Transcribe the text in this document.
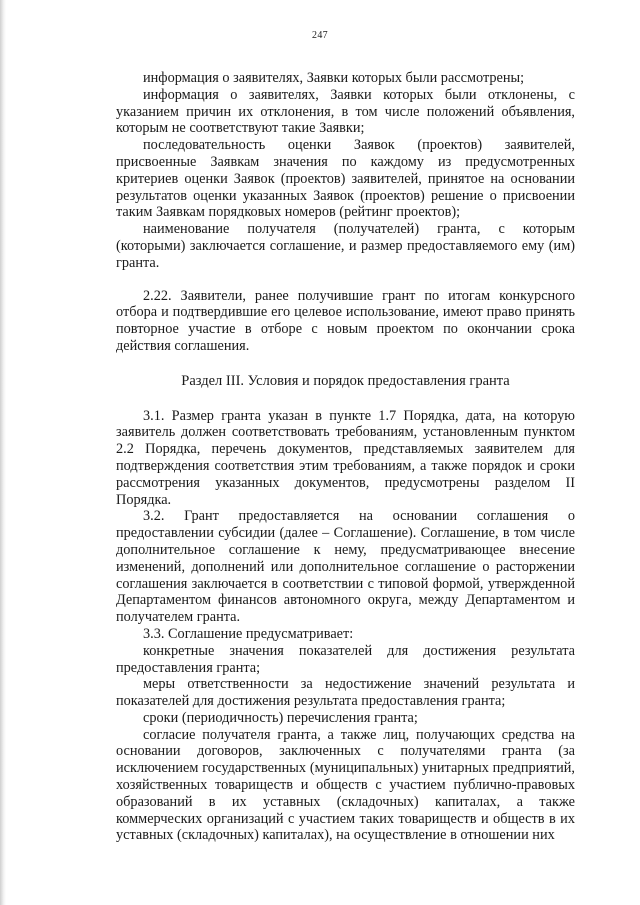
247

информация о заявителях, Заявки которых были рассмотрены;

информация о заявителях, Заявки которых были отклонены, с указанием причин их отклонения, в том числе положений объявления, которым не соответствуют такие Заявки;

последовательность оценки Заявок (проектов) заявителей, присвоенные Заявкам значения по каждому из предусмотренных критериев оценки Заявок (проектов) заявителей, принятое на основании результатов оценки указанных Заявок (проектов) решение о присвоении таким Заявкам порядковых номеров (рейтинг проектов);

наименование получателя (получателей) гранта, с которым (которыми) заключается соглашение, и размер предоставляемого ему (им) гранта.

2.22. Заявители, ранее получившие грант по итогам конкурсного отбора и подтвердившие его целевое использование, имеют право принять повторное участие в отборе с новым проектом по окончании срока действия соглашения.

Раздел III. Условия и порядок предоставления гранта

3.1. Размер гранта указан в пункте 1.7 Порядка, дата, на которую заявитель должен соответствовать требованиям, установленным пунктом 2.2 Порядка, перечень документов, представляемых заявителем для подтверждения соответствия этим требованиям, а также порядок и сроки рассмотрения указанных документов, предусмотрены разделом II Порядка.

3.2. Грант предоставляется на основании соглашения о предоставлении субсидии (далее – Соглашение). Соглашение, в том числе дополнительное соглашение к нему, предусматривающее внесение изменений, дополнений или дополнительное соглашение о расторжении соглашения заключается в соответствии с типовой формой, утвержденной Департаментом финансов автономного округа, между Департаментом и получателем гранта.

3.3. Соглашение предусматривает:

конкретные значения показателей для достижения результата предоставления гранта;

меры ответственности за недостижение значений результата и показателей для достижения результата предоставления гранта;

сроки (периодичность) перечисления гранта;

согласие получателя гранта, а также лиц, получающих средства на основании договоров, заключенных с получателями гранта (за исключением государственных (муниципальных) унитарных предприятий, хозяйственных товариществ и обществ с участием публично-правовых образований в их уставных (складочных) капиталах, а также коммерческих организаций с участием таких товариществ и обществ в их уставных (складочных) капиталах), на осуществление в отношении них
